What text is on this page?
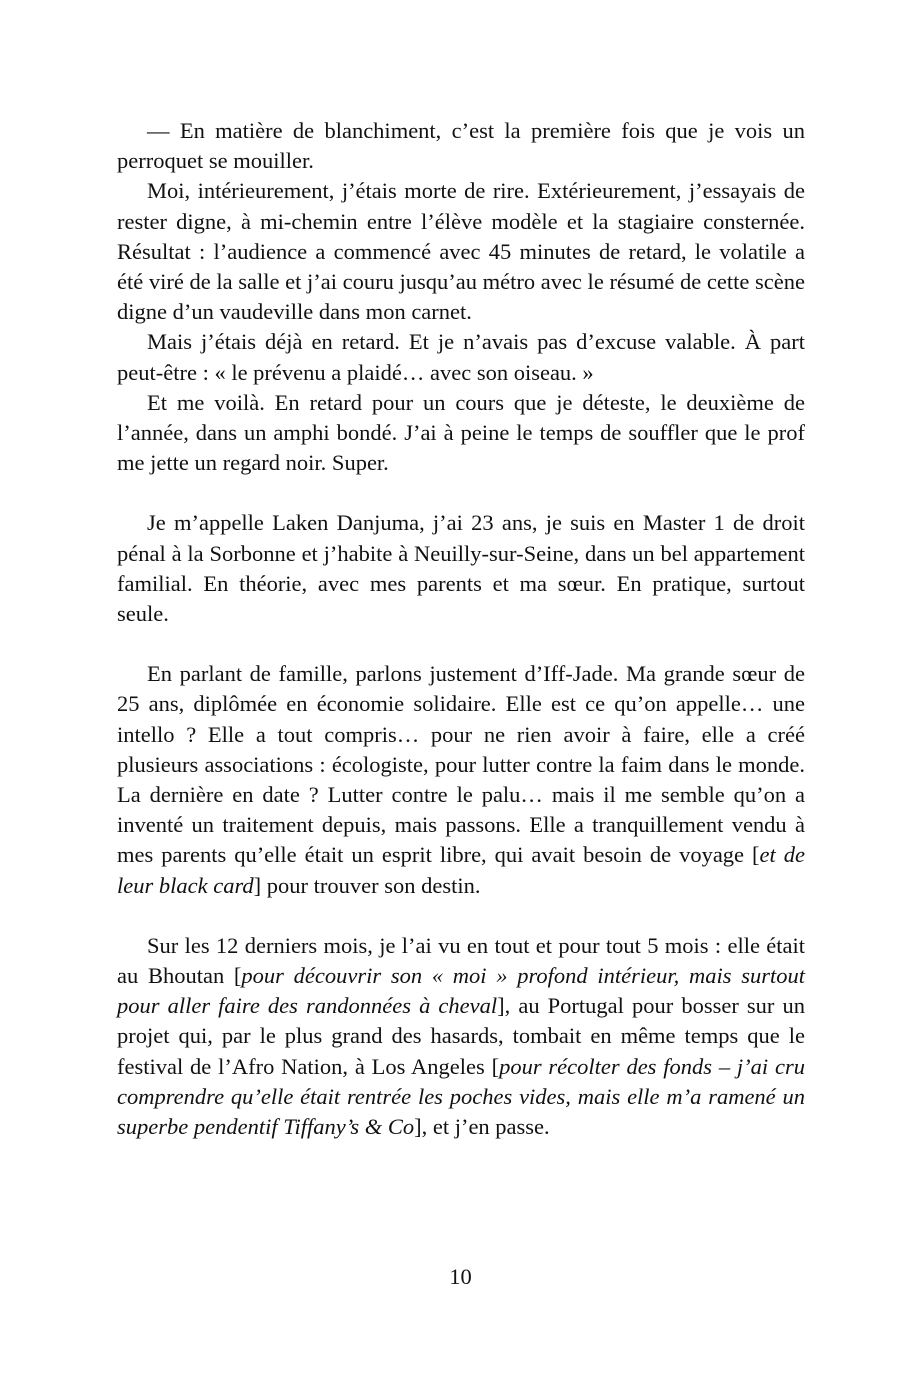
— En matière de blanchiment, c’est la première fois que je vois un perroquet se mouiller.

Moi, intérieurement, j’étais morte de rire. Extérieurement, j’essayais de rester digne, à mi-chemin entre l’élève modèle et la stagiaire consternée. Résultat : l’audience a commencé avec 45 minutes de retard, le volatile a été viré de la salle et j’ai couru jusqu’au métro avec le résumé de cette scène digne d’un vaudeville dans mon carnet.

Mais j’étais déjà en retard. Et je n’avais pas d’excuse valable. À part peut-être : « le prévenu a plaidé… avec son oiseau. »

Et me voilà. En retard pour un cours que je déteste, le deuxième de l’année, dans un amphi bondé. J’ai à peine le temps de souffler que le prof me jette un regard noir. Super.

Je m’appelle Laken Danjuma, j’ai 23 ans, je suis en Master 1 de droit pénal à la Sorbonne et j’habite à Neuilly-sur-Seine, dans un bel appartement familial. En théorie, avec mes parents et ma sœur. En pratique, surtout seule.

En parlant de famille, parlons justement d’Iff-Jade. Ma grande sœur de 25 ans, diplômée en économie solidaire. Elle est ce qu’on appelle… une intello ? Elle a tout compris… pour ne rien avoir à faire, elle a créé plusieurs associations : écologiste, pour lutter contre la faim dans le monde. La dernière en date ? Lutter contre le palu… mais il me semble qu’on a inventé un traitement depuis, mais passons. Elle a tranquillement vendu à mes parents qu’elle était un esprit libre, qui avait besoin de voyage [et de leur black card] pour trouver son destin.

Sur les 12 derniers mois, je l’ai vu en tout et pour tout 5 mois : elle était au Bhoutan [pour découvrir son « moi » profond intérieur, mais surtout pour aller faire des randonnées à cheval], au Portugal pour bosser sur un projet qui, par le plus grand des hasards, tombait en même temps que le festival de l’Afro Nation, à Los Angeles [pour récolter des fonds – j’ai cru comprendre qu’elle était rentrée les poches vides, mais elle m’a ramené un superbe pendentif Tiffany’s & Co], et j’en passe.

10
